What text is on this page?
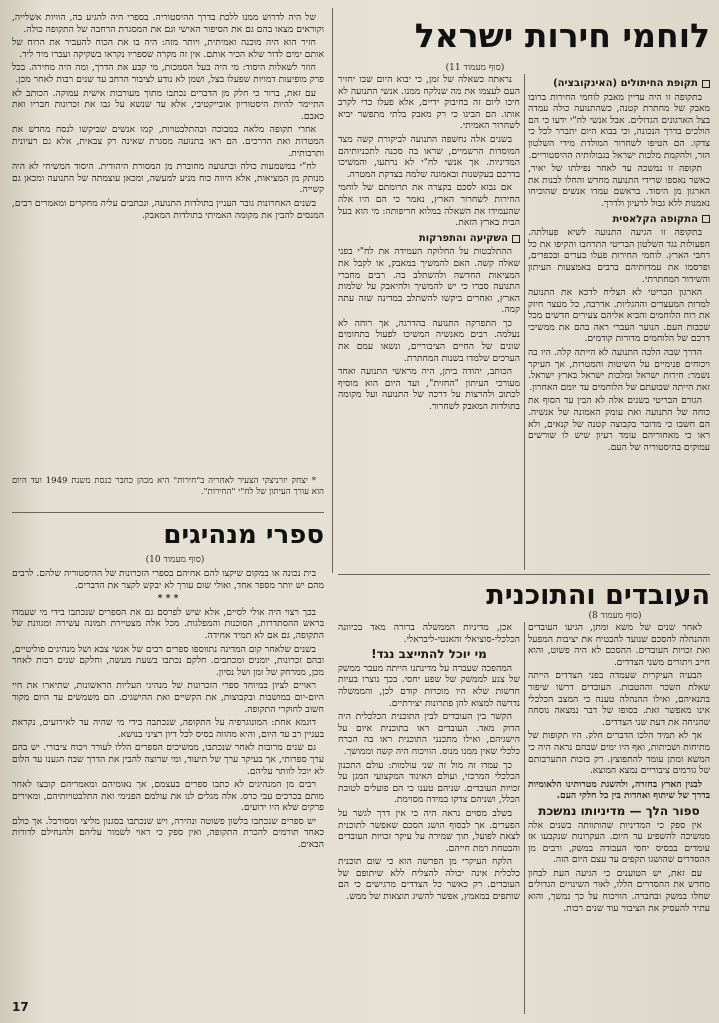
לוחמי חירות ישראל
(סוף מעמוד 11)
תקופת החיתולים (האינקובציה)

בתקופה זו היה עדיין מאבק לוחמי החירות ברובו מאבק של מחתרת קטנה, כשהתנועה כולה עמדה בצל הארגונים הגדולים. אבל אנשי לח"י ידעו כי הם הולכים בדרך הנכונה, וכי בבוא היום יתברר לכל כי צדקו. הם הטיפו לשחרור המולדת מידי השלטון הזר, ולהקמת מלכות ישראל בגבולותיה ההיסטוריים.

תקופה זו נמשכה עד לאחר נפילתו של יאיר, כאשר נאספו שרידי התנועה מחדש והחלו לבנות את הארגון מן היסוד. בראשם עמדו אנשים שהוכיחו נאמנות ללא גבול לרעיון ולדרך.

התקופה הקלאסית

בתקופה זו הגיעה התנועה לשיא פעולתה. הפעולות נגד השלטון הבריטי התרחבו והקיפו את כל רחבי הארץ. לוחמי החירות פעלו בערים ובכפרים, ופרסמו את עמדותיהם ברבים באמצעות העיתון והשידור המחתרתי.

הארגון הבריטי לא הצליח לדכא את התנועה למרות המעצרים וההגליות. אדרבה, כל מעצר חיזק את רוח הלוחמים והביא אליהם צעירים חדשים מכל שכבות העם. הנוער העברי ראה בהם את ממשיכי דרכם של הלוחמים מדורות קודמים.

הדרך שבה הלכה התנועה לא הייתה קלה. היו בה ויכוחים פנימיים על השיטות והמטרות, אך העיקר נשמר: חירות ישראל ומלכות ישראל בארץ ישראל. זאת הייתה שבועתם של הלוחמים עד יומם האחרון.

הגורם הבריטי בשנים אלה לא הבין עד הסוף את כוחה של התנועה ואת עומק האמונה של אנשיה. הם חשבו כי מדובר בקבוצה קטנה של קנאים, ולא ראו כי מאחוריהם עומד רעיון שיש לו שורשים עמוקים בהיסטוריה של העם.

נראתה כשאלה של זמן, כי יבוא היום שבו יחזיר העם לעצמו את מה שנלקח ממנו. אנשי התנועה לא חיכו ליום זה בחיבוק ידיים, אלא פעלו כדי לקרב אותו. הם הבינו כי רק מאבק בלתי מתפשר יביא לשחרור האמיתי.

בשנים אלה נחשפה התנועה לביקורת קשה מצד המוסדות הרשמיים, שראו בה סכנה לתכניותיהם המדיניות. אך אנשי לח"י לא נרתעו, והמשיכו בדרכם בעקשנות ובאמונה שלמה בצדקת המטרה.

אם נבוא לסכם בקצרה את תרומתם של לוחמי החירות לשחרור הארץ, נאמר כי הם היו אלה שהעמידו את השאלה במלוא חריפותה: מי הוא בעל הבית בארץ הזאת.

השקיעה והתפרקות

ההתלבטות על החלוקה העמידה את לח"י בפני שאלה קשה. האם להמשיך במאבק, או לקבל את המציאות החדשה ולהשתלב בה. רבים מחברי התנועה סברו כי יש להמשיך ולהיאבק על שלמות הארץ, ואחרים ביקשו להשתלב במדינה שזה עתה קמה.

כך התפרקה התנועה בהדרגה, אך רוחה לא נעלמה. רבים מאנשיה המשיכו לפעול בתחומים שונים של החיים הציבוריים, ונשאו עמם את הערכים שלמדו בשנות המחתרת.

הכותב, יהודה ביתן, היה מראשי התנועה ואחד מעורכי העיתון "החזית", ועד היום הוא מוסיף לכתוב ולהרצות על דרכה של התנועה ועל מקומה בתולדות המאבק לשחרור.

של היה לדרוש ממנו ללכת בדרך ההיסטוריה. בספרי היה להגיע בה, הוויות אשלייה, וקוראים מצאו בהם גם את הסיפור האישי וגם את המסגרת הרחבה של התקופה כולה.

חזיר הוא היה מוכנה ואמיתית, ויותר מזה: היה בו את הכוח להעביר את הרוח של אותם ימים לדור שלא הכיר אותם. אין זה מקרה שספריו נקראו בשקיקה ועברו מיד ליד.

חוזר לשאלות היסוד: מי היה בעל הסמכות, מי קבע את הדרך, ומה היה מחירה. בכל פרק מופיעות דמויות שפעלו בצל, ושמן לא נודע לציבור הרחב עד שנים רבות לאחר מכן.

עם זאת, ברור כי חלק מן הדברים נכתבו מתוך מעורבות אישית עמוקה. הכותב לא התיימר להיות היסטוריון אובייקטיבי, אלא עד שנשא על גבו את זכרונות חבריו ואת כאבם.

אחרי תקופה מלאה במבוכה ובהתלבטויות, קמו אנשים שביקשו לנסח מחדש את המטרות ואת הדרכים. הם ראו בתנועה מסגרת שאינה רק צבאית, אלא גם רעיונית ותרבותית.

לח"י במשמעות כולה ובתנועה מחוברת מן המסורת היהודית. היסוד המשיחי לא היה מנותק מן המציאות, אלא היווה כוח מניע למעשה, ומכאן עוצמתה של התנועה ומכאן גם קשייה.

בשנים האחרונות גובר העניין בתולדות התנועה, ונכתבים עליה מחקרים ומאמרים רבים, המנסים להבין את מקומה האמיתי בתולדות המאבק.

* יצחק יזרניצקי הצעיר לאחריה ב"חירות" היא מכהן כחבר כנסת משנת 1949 ועד היום הוא עורך העיתון של לח"י "החירות".

ספרי מנהיגים
(סוף מעמוד 10)

בית נכונה או במקום שיקצו להם אחיהם בספרי הזכרונות של ההיסטוריה שלהם. לרבים מהם יש יותר מספר אחד, ואולי שום עורך לא יבקש לקצר את הדברים.

* * *

בכך רצוי היה אולי לסיים, אלא שיש לפרסם גם את הספרים שנכתבו בידי מי שעמדו בראש ההסתדרות, הסוכנות והמפלגות. מכל אלה מצטיירת תמונה עשירה ומגוונת של התקופה, גם אם לא תמיד אחידה.

בשנים שלאחר קום המדינה נתווספו ספרים רבים של אנשי צבא ושל מנהיגים פוליטיים, ובהם זכרונות, יומנים ומכתבים. חלקם נכתבו בשעת מעשה, וחלקם שנים רבות לאחר מכן, ממרחק של זמן ושל נסיון.

ראויים לציון במיוחד ספרי הזכרונות של מנהיגי העליות הראשונות, שתיארו את חיי היום-יום במושבות ובקבוצות, את הקשיים ואת ההישגים. הם משמשים עד היום מקור חשוב לחוקרי התקופה.

דוגמא אחת: המונוגרפיה על התקופה, שנכתבה בידי מי שהיה עד לאירועים, נקראת בעניין רב עד היום, והיא מהווה בסיס לכל דיון רציני בנושא.

גם שנים מרובות לאחר שנכתבו, ממשיכים הספרים הללו לעורר ויכוח ציבורי. יש בהם ערך ספרותי, אך בעיקר ערך של תיעוד, ומי שרוצה להבין את הדרך שבה הגענו עד הלום לא יוכל לוותר עליהם.

רבים מן המנהיגים לא כתבו ספרים בעצמם, אך נאומיהם ומאמריהם קובצו לאחר מותם בכרכים עבי כרס. אלה מגלים לנו את עולמם הפנימי ואת התלבטויותיהם, ומאירים פרקים שלא היו ידועים.

יש ספרים שנכתבו בלשון פשוטה ונהירה, ויש שנכתבו בסגנון מליצי ומסורבל. אך כולם כאחד תורמים להכרת התקופה, ואין ספק כי ראוי לשמור עליהם ולהנחילם לדורות הבאים.

העובדים והתוכנית
(סוף מעמוד 8)

לאחר שנים של משא ומתן, הגיעו העובדים וההנהלה להסכם שנועד להבטיח את יציבות המפעל ואת זכויות העובדים. ההסכם לא היה פשוט, והוא חייב ויתורים משני הצדדים.

הבעיה העיקרית שעמדה בפני הצדדים הייתה שאלת השכר וההטבות. העובדים דרשו שיפור בתנאיהם, ואילו ההנהלה טענה כי המצב הכלכלי אינו מאפשר זאת. בסופו של דבר נמצאה נוסחה שהניחה את דעת שני הצדדים.

אך לא תמיד הלכו הדברים חלק. היו תקופות של מתיחות ושביתות, ואף היו ימים שבהם נראה היה כי המשא ומתן עומד להתפוצץ. רק בזכות התערבותם של גורמים ציבוריים נמצא המוצא.

לבנין הארץ בחזרה, ולהשגת מטרותינו הלאומיות בדרך של שיתוף ואחדות בין כל חלקי העם.

ספור הלך — מדיניותו נמשכת

אין ספק כי המדיניות שהותוותה בשנים אלה ממשיכה להשפיע עד היום. העקרונות שנקבעו אז עומדים בבסיס יחסי העבודה במשק, ורבים מן ההסדרים שהושגו תקפים עד עצם היום הזה.

עם זאת, יש הטוענים כי הגיעה העת לבחון מחדש את ההסדרים הללו, לאור השינויים הגדולים שחלו במשק ובחברה. הוויכוח על כך נמשך, והוא עתיד להעסיק את הציבור עוד שנים רבות.

אכן, מדיניות הממשלה ברורה מאד בכיוונה הכלכלי-סוציאלי והאנטי-ליבראלי.

מי יוכל להתייצב נגד!

המהפכה שעברה על מדינתנו הייתה מעבר ממשק של צנע לממשק של שפע יחסי. בכך נוצרו בעיות חדשות שלא היו מוכרות קודם לכן, והממשלה נדרשה למצוא להן פתרונות יצירתיים.

הקשר בין העובדים לבין התוכנית הכלכלית היה הדוק מאד. העובדים ראו בתוכנית איום על הישגיהם, ואילו מתכנני התוכנית ראו בה הכרח כלכלי שאין ממנו מנוס. הוויכוח היה קשה וממושך.

כך עמדו זה מול זה שני עולמות: עולם התכנון הכלכלי המרכזי, ועולם האיגוד המקצועי המגן על זכויות העובדים. שניהם טענו כי הם פועלים לטובת הכלל, ושניהם צדקו במידה מסוימת.

בשלב מסוים נראה היה כי אין דרך לגשר על הפערים. אך לבסוף הושג הסכם שאפשר לתוכנית לצאת לפועל, תוך שמירה על עיקר זכויות העובדים והבטחת רמת חייהם.

הלקח העיקרי מן הפרשה הוא כי שום תוכנית כלכלית אינה יכולה להצליח ללא שיתופם של העובדים. רק כאשר כל הצדדים מרגישים כי הם שותפים במאמץ, אפשר להשיג תוצאות של ממש.

17
